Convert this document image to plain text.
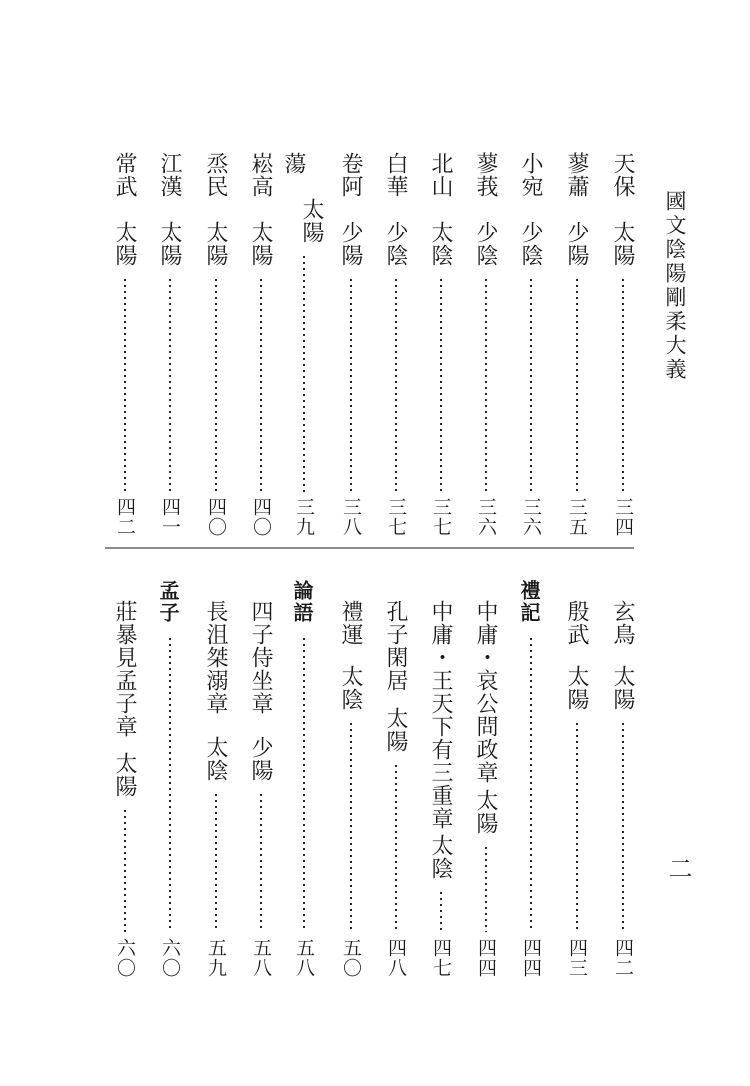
國文陰陽剛柔大義
二
天保
太陽
三四
蓼蕭
少陽
三五
小宛
少陰
三六
蓼莪
少陰
三六
北山
太陰
三七
白華
少陰
三七
卷阿
少陽
三八
蕩
太陽
三九
崧高
太陽
四〇
烝民
太陽
四〇
江漢
太陽
四一
常武
太陽
四二
玄鳥
太陽
四二
殷武
太陽
四三
禮記
四四
中庸・哀公問政章
太陽
四四
中庸・王天下有三重章
太陰
四七
孔子閑居
太陽
四八
禮運
太陰
五〇
論語
五八
四子侍坐章
少陽
五八
長沮桀溺章
太陰
五九
孟子
六〇
莊暴見孟子章
太陽
六〇
